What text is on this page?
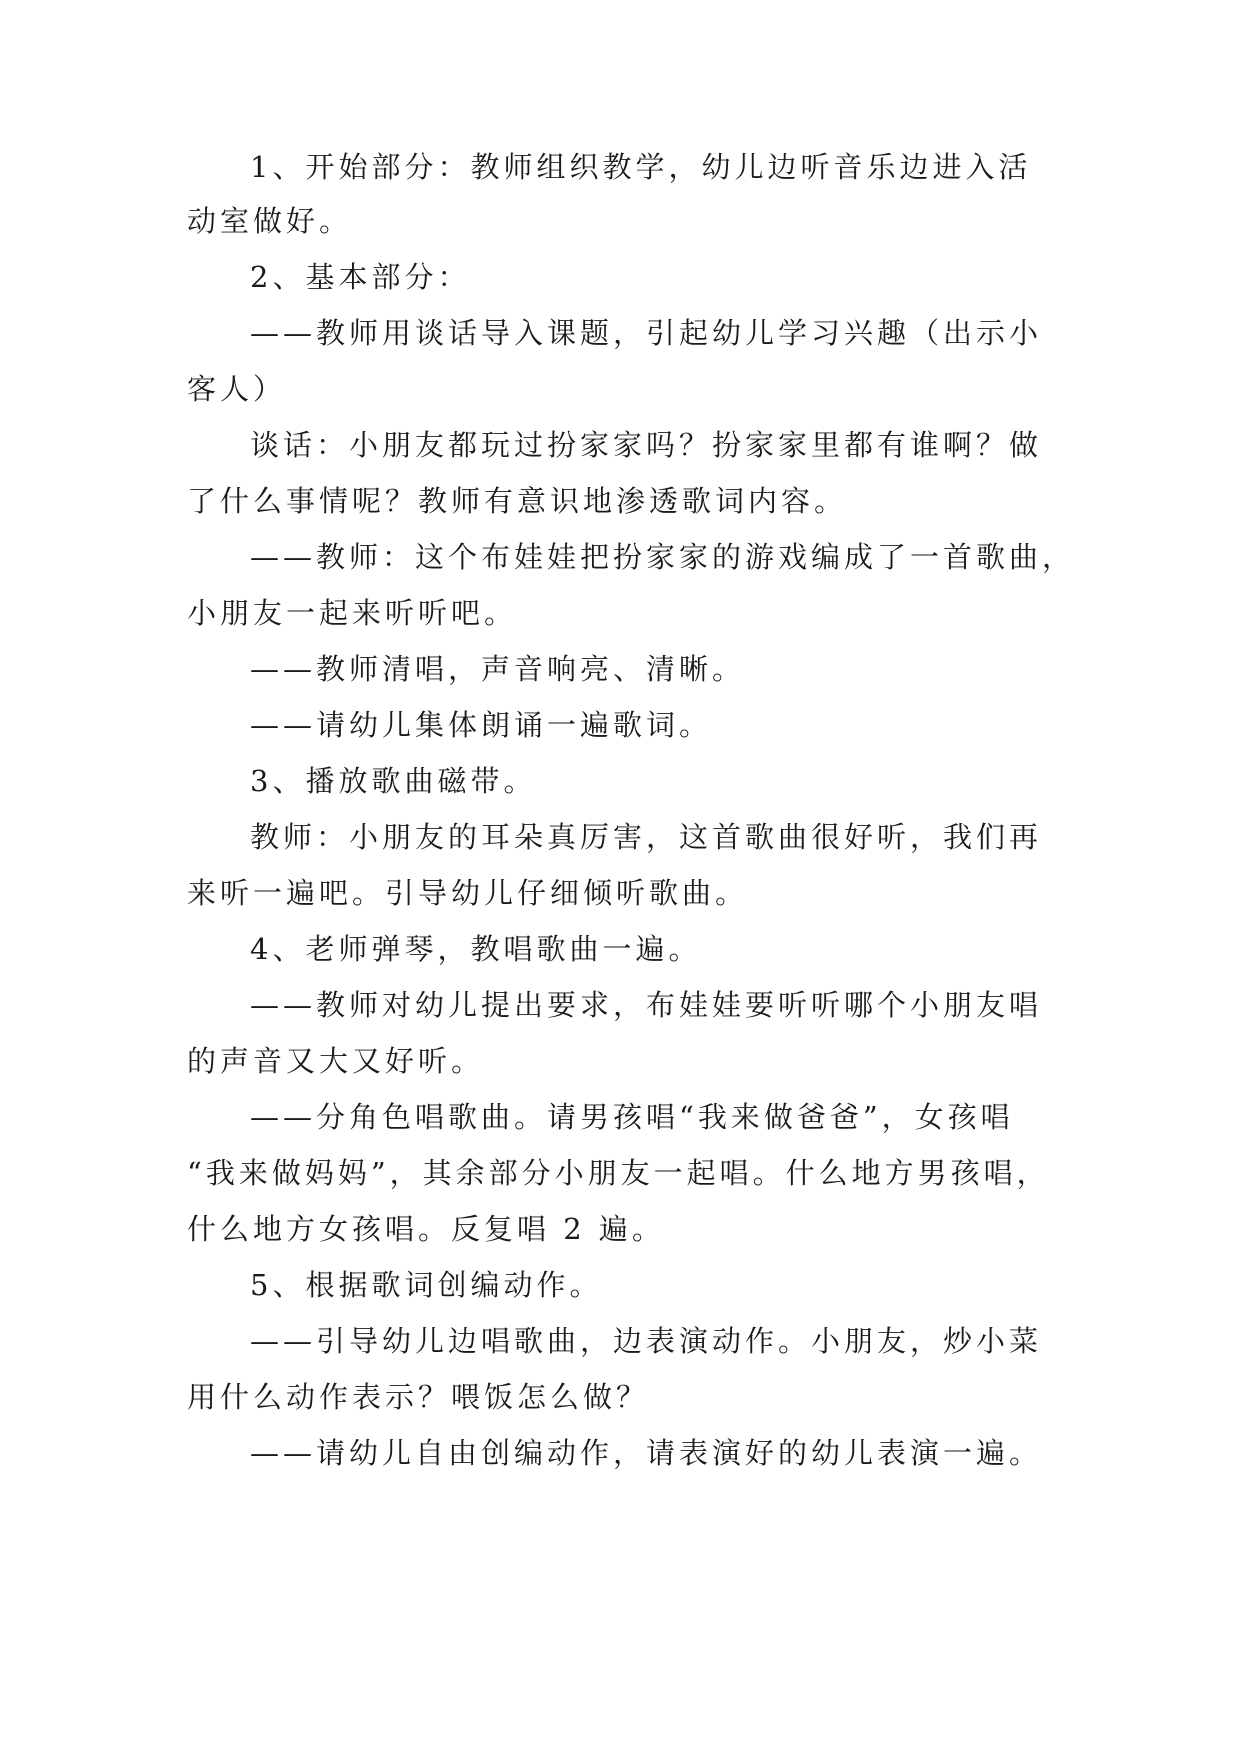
1、开始部分：教师组织教学，幼儿边听音乐边进入活
动室做好。
2、基本部分：
——教师用谈话导入课题，引起幼儿学习兴趣（出示小
客人）
谈话：小朋友都玩过扮家家吗？扮家家里都有谁啊？做
了什么事情呢？教师有意识地渗透歌词内容。
——教师：这个布娃娃把扮家家的游戏编成了一首歌曲，
小朋友一起来听听吧。
——教师清唱，声音响亮、清晰。
——请幼儿集体朗诵一遍歌词。
3、播放歌曲磁带。
教师：小朋友的耳朵真厉害，这首歌曲很好听，我们再
来听一遍吧。引导幼儿仔细倾听歌曲。
4、老师弹琴，教唱歌曲一遍。
——教师对幼儿提出要求，布娃娃要听听哪个小朋友唱
的声音又大又好听。
——分角色唱歌曲。请男孩唱“我来做爸爸”，女孩唱
“我来做妈妈”，其余部分小朋友一起唱。什么地方男孩唱，
什么地方女孩唱。反复唱 2 遍。
5、根据歌词创编动作。
——引导幼儿边唱歌曲，边表演动作。小朋友，炒小菜
用什么动作表示？喂饭怎么做？
——请幼儿自由创编动作，请表演好的幼儿表演一遍。
